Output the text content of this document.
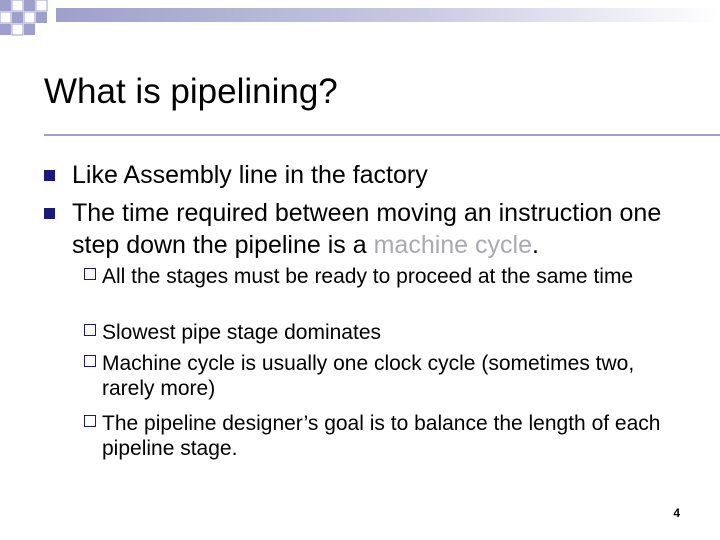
What is pipelining?
Like Assembly line in the factory
The time required between moving an instruction one step down the pipeline is a machine cycle.
All the stages must be ready to proceed at the same time
Slowest pipe stage dominates
Machine cycle is usually one clock cycle (sometimes two, rarely more)
The pipeline designer’s goal is to balance the length of each pipeline stage.
4
